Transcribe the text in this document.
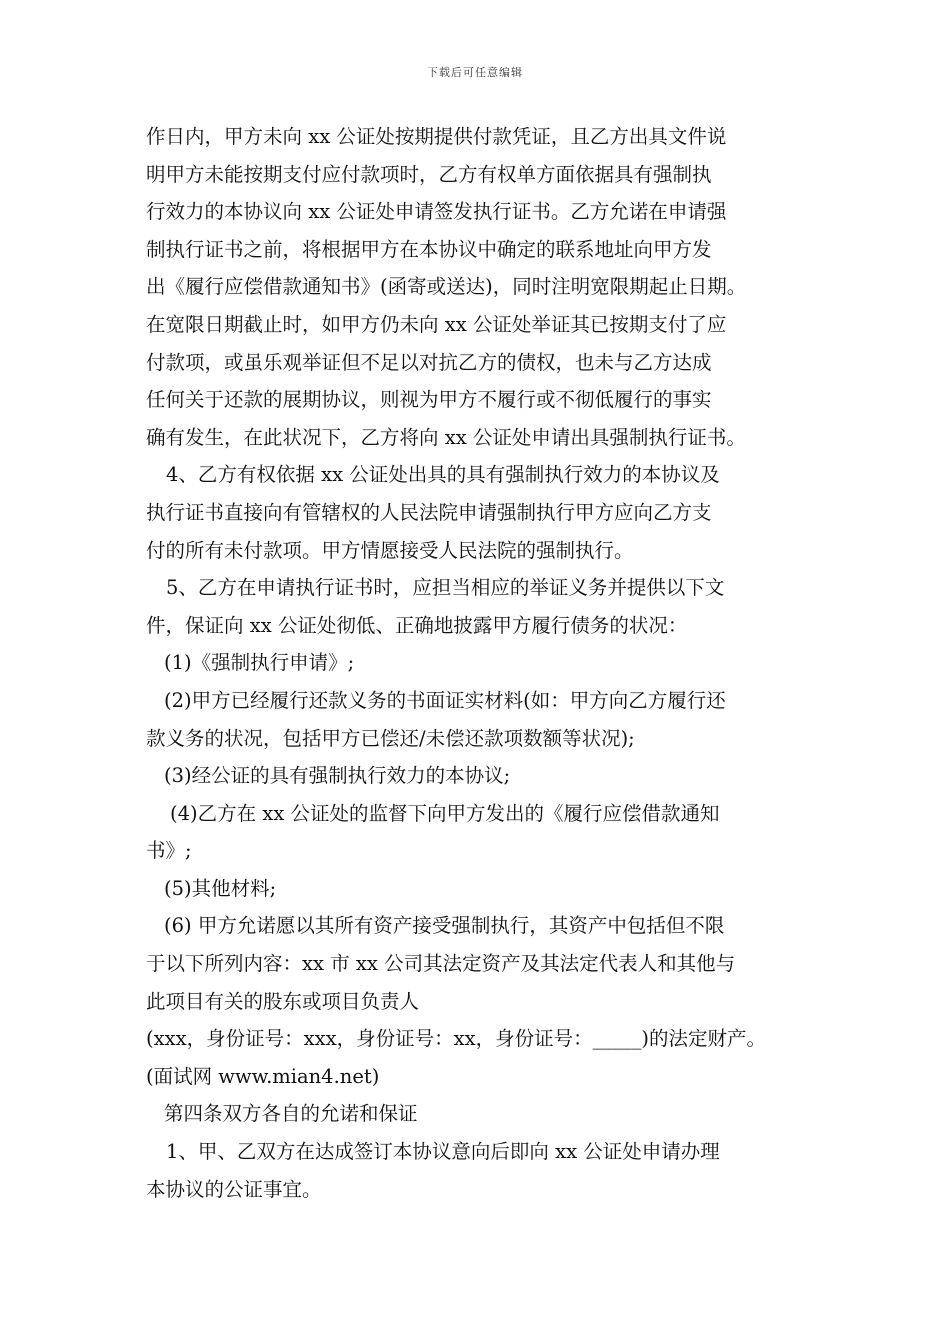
下载后可任意编辑
作日内，甲方未向 xx 公证处按期提供付款凭证，且乙方出具文件说
明甲方未能按期支付应付款项时，乙方有权单方面依据具有强制执
行效力的本协议向 xx 公证处申请签发执行证书。乙方允诺在申请强
制执行证书之前，将根据甲方在本协议中确定的联系地址向甲方发
出《履行应偿借款通知书》(函寄或送达)，同时注明宽限期起止日期。
在宽限日期截止时，如甲方仍未向 xx 公证处举证其已按期支付了应
付款项，或虽乐观举证但不足以对抗乙方的债权，也未与乙方达成
任何关于还款的展期协议，则视为甲方不履行或不彻低履行的事实
确有发生，在此状况下，乙方将向 xx 公证处申请出具强制执行证书。
4、乙方有权依据 xx 公证处出具的具有强制执行效力的本协议及
执行证书直接向有管辖权的人民法院申请强制执行甲方应向乙方支
付的所有未付款项。甲方情愿接受人民法院的强制执行。
5、乙方在申请执行证书时，应担当相应的举证义务并提供以下文
件，保证向 xx 公证处彻低、正确地披露甲方履行债务的状况：
(1)《强制执行申请》;
(2)甲方已经履行还款义务的书面证实材料(如：甲方向乙方履行还
款义务的状况，包括甲方已偿还/未偿还款项数额等状况);
(3)经公证的具有强制执行效力的本协议;
(4)乙方在 xx 公证处的监督下向甲方发出的《履行应偿借款通知
书》;
(5)其他材料;
(6) 甲方允诺愿以其所有资产接受强制执行，其资产中包括但不限
于以下所列内容：xx 市 xx 公司其法定资产及其法定代表人和其他与
此项目有关的股东或项目负责人
(xxx，身份证号：xxx，身份证号：xx，身份证号：_____)的法定财产。
(面试网 www.mian4.net)
第四条双方各自的允诺和保证
1、甲、乙双方在达成签订本协议意向后即向 xx 公证处申请办理
本协议的公证事宜。
